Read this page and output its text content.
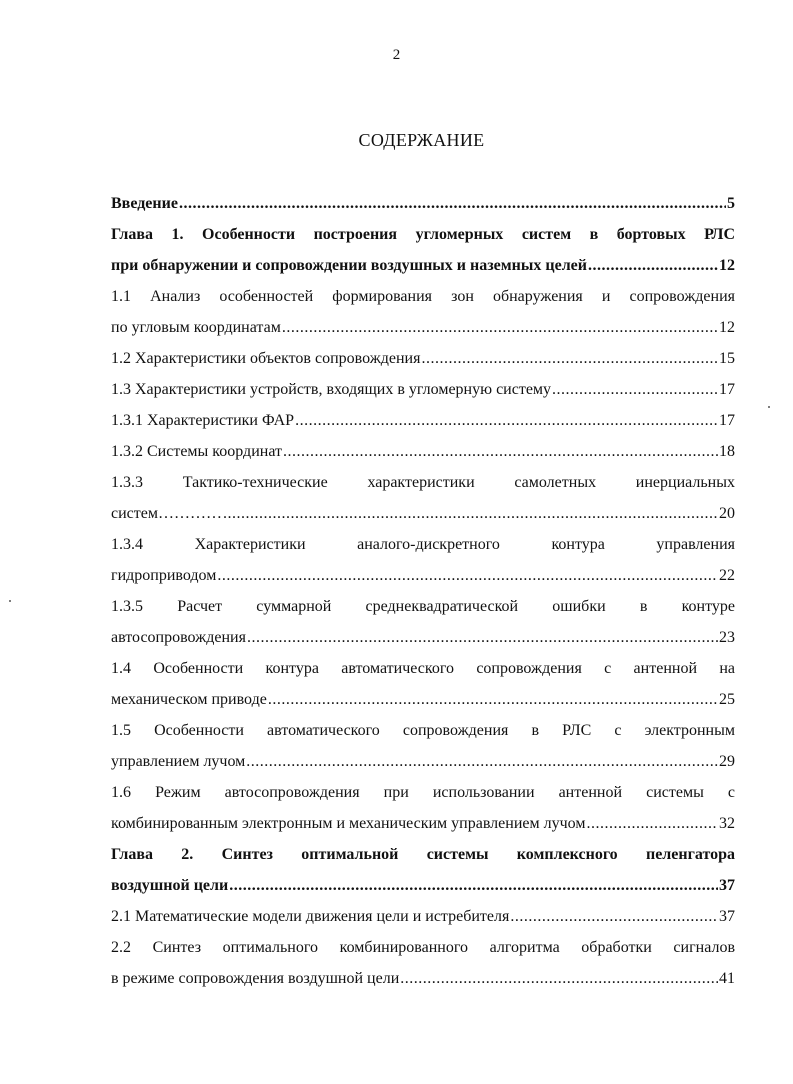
2
СОДЕРЖАНИЕ
Введение .....	5
Глава 1. Особенности построения угломерных систем в бортовых РЛС
при обнаружении и сопровождении воздушных и наземных целей .....	12
1.1 Анализ особенностей формирования зон обнаружения и сопровождения
по угловым координатам .....	12
1.2 Характеристики объектов сопровождения .....	15
1.3 Характеристики устройств, входящих в угломерную систему .....	17
1.3.1 Характеристики ФАР .....	17
1.3.2 Системы координат .....	18
1.3.3 Тактико-технические характеристики самолетных инерциальных
систем………… .....	20
1.3.4 Характеристики аналого-дискретного контура управления
гидроприводом .....	22
1.3.5 Расчет суммарной среднеквадратической ошибки в контуре
автосопровождения .....	23
1.4 Особенности контура автоматического сопровождения с антенной на
механическом приводе .....	25
1.5 Особенности автоматического сопровождения в РЛС с электронным
управлением лучом .....	29
1.6 Режим автосопровождения при использовании антенной системы с
комбинированным электронным и механическим управлением лучом .....	32
Глава 2. Синтез оптимальной системы комплексного пеленгатора
воздушной цели .....	37
2.1 Математические модели движения цели и истребителя .....	37
2.2 Синтез оптимального комбинированного алгоритма обработки сигналов
в режиме сопровождения воздушной цели .....	41
